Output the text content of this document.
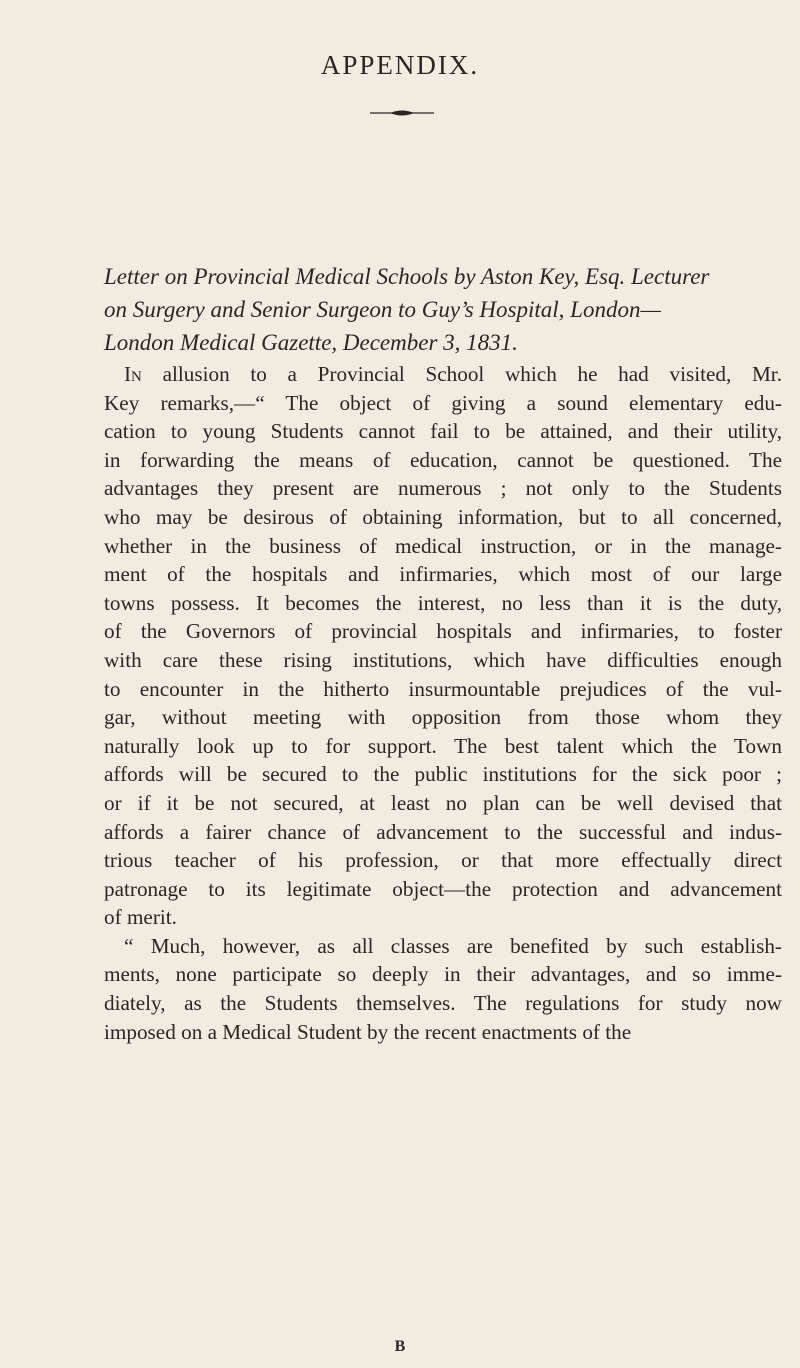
APPENDIX.
Letter on Provincial Medical Schools by Aston Key, Esq. Lecturer
on Surgery and Senior Surgeon to Guy’s Hospital, London—
London Medical Gazette, December 3, 1831.
In allusion to a Provincial School which he had visited, Mr.
Key remarks,—“ The object of giving a sound elementary edu-
cation to young Students cannot fail to be attained, and their utility,
in forwarding the means of education, cannot be questioned. The
advantages they present are numerous ; not only to the Students
who may be desirous of obtaining information, but to all concerned,
whether in the business of medical instruction, or in the manage-
ment of the hospitals and infirmaries, which most of our large
towns possess. It becomes the interest, no less than it is the duty,
of the Governors of provincial hospitals and infirmaries, to foster
with care these rising institutions, which have difficulties enough
to encounter in the hitherto insurmountable prejudices of the vul-
gar, without meeting with opposition from those whom they
naturally look up to for support. The best talent which the Town
affords will be secured to the public institutions for the sick poor ;
or if it be not secured, at least no plan can be well devised that
affords a fairer chance of advancement to the successful and indus-
trious teacher of his profession, or that more effectually direct
patronage to its legitimate object—the protection and advancement
of merit.
“ Much, however, as all classes are benefited by such establish-
ments, none participate so deeply in their advantages, and so imme-
diately, as the Students themselves. The regulations for study now
imposed on a Medical Student by the recent enactments of the
B
